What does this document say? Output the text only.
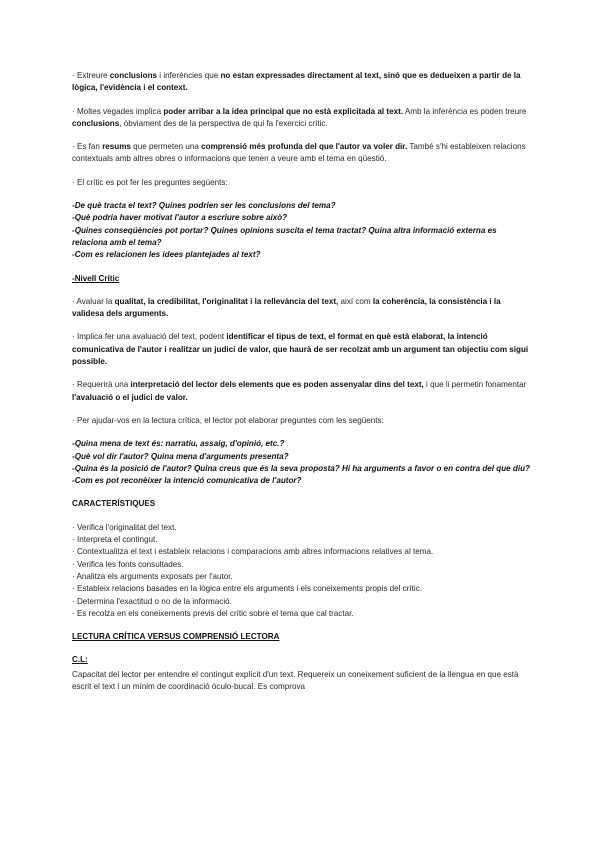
· Extreure conclusions i inferències que no estan expressades directament al text, sinó que es dedueixen a partir de la lògica, l'evidència i el context.

· Moltes vegades implica poder arribar a la idea principal que no està explicitada al text. Amb la inferència es poden treure conclusions, òbviament des de la perspectiva de qui fa l'exercici crític.

· Es fan resums que permeten una comprensió més profunda del que l'autor va voler dir. També s'hi estableixen relacions contextuals amb altres obres o informacions que tenen a veure amb el tema en qüestió.

· El crític es pot fer les preguntes següents:

-De què tracta el text? Quines podrien ser les conclusions del tema?

-Què podria haver motivat l'autor a escriure sobre això?

-Quines conseqüències pot portar? Quines opinions suscita el tema tractat? Quina altra informació externa es relaciona amb el tema?

-Com es relacionen les idees plantejades al text?

-Nivell Crític

· Avaluar la qualitat, la credibilitat, l'originalitat i la rellevància del text, així com la coherència, la consistència i la validesa dels arguments.

· Implica fer una avaluació del text, podent identificar el tipus de text, el format en què està elaborat, la intenció comunicativa de l'autor i realitzar un judici de valor, que haurà de ser recolzat amb un argument tan objectiu com sigui possible.

· Requerirà una interpretació del lector dels elements que es poden assenyalar dins del text, i que li permetin fonamentar l'avaluació o el judici de valor.

· Per ajudar-vos en la lectura crítica, el lector pot elaborar preguntes com les següents:

-Quina mena de text és: narratiu, assaig, d'opinió, etc.?

-Què vol dir l'autor? Quina mena d'arguments presenta?

-Quina és la posició de l'autor? Quina creus que és la seva proposta? Hi ha arguments a favor o en contra del que diu?

-Com es pot reconèixer la intenció comunicativa de l'autor?

CARACTERÍSTIQUES

· Verifica l'originalitat del text.

· Interpreta el contingut.

· Contextualitza el text i estableix relacions i comparacions amb altres informacions relatives al tema.

· Verifica les fonts consultades.

· Analitza els arguments exposats per l'autor.

· Estableix relacions basades en la lògica entre els arguments i els coneixements propis del crític.

· Determina l'exactitud o no de la informació.

· Es recolza en els coneixements previs del crític sobre el tema que cal tractar.

LECTURA CRÍTICA VERSUS COMPRENSIÓ LECTORA

C.L:

Capacitat del lector per entendre el contingut explícit d'un text. Requereix un coneixement suficient de la llengua en que està escrit el text i un mínim de coordinació òculo-bucal. Es comprova
